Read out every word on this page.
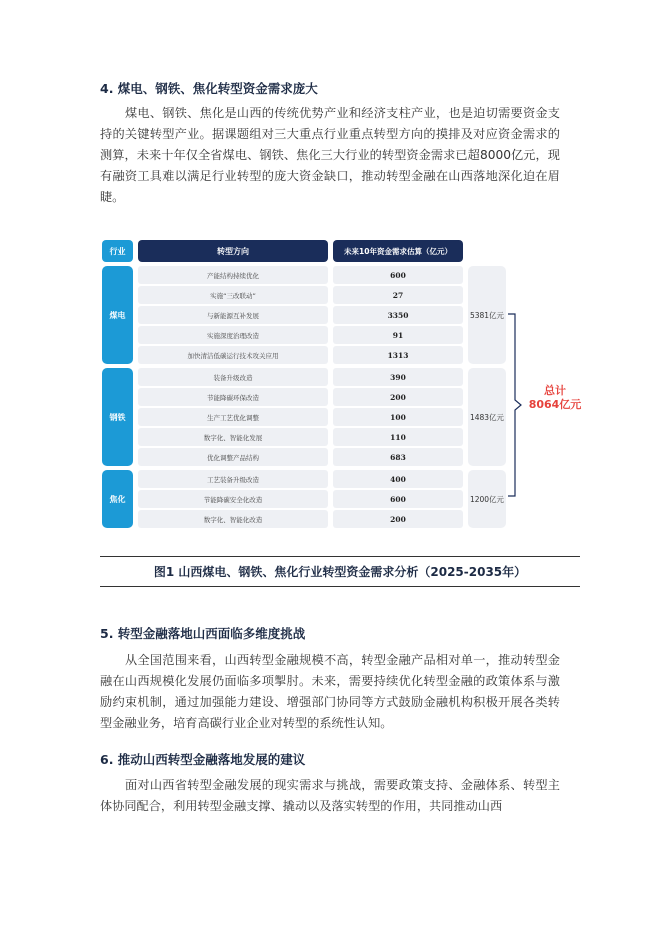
4. 煤电、钢铁、焦化转型资金需求庞大

煤电、钢铁、焦化是山西的传统优势产业和经济支柱产业，也是迫切需要资金支持的关键转型产业。据课题组对三大重点行业重点转型方向的摸排及对应资金需求的测算，未来十年仅全省煤电、钢铁、焦化三大行业的转型资金需求已超8000亿元，现有融资工具难以满足行业转型的庞大资金缺口，推动转型金融在山西落地深化迫在眉睫。

行业	转型方向	未来10年资金需求估算（亿元）
煤电
产能结构持续优化	600
实施“三改联动”	27
与新能源互补发展	3350
实施深度治理改造	91
加快清洁低碳运行技术攻关应用	1313
5381亿元
钢铁
装备升级改造	390
节能降碳环保改造	200
生产工艺优化调整	100
数字化、智能化发展	110
优化调整产品结构	683
1483亿元
焦化
工艺装备升级改造	400
节能降碳安全化改造	600
数字化、智能化改造	200
1200亿元
总计
8064亿元
图1 山西煤电、钢铁、焦化行业转型资金需求分析（2025-2035年）
5. 转型金融落地山西面临多维度挑战

从全国范围来看，山西转型金融规模不高，转型金融产品相对单一，推动转型金融在山西规模化发展仍面临多项掣肘。未来，需要持续优化转型金融的政策体系与激励约束机制，通过加强能力建设、增强部门协同等方式鼓励金融机构积极开展各类转型金融业务，培育高碳行业企业对转型的系统性认知。

6. 推动山西转型金融落地发展的建议

面对山西省转型金融发展的现实需求与挑战，需要政策支持、金融体系、转型主体协同配合，利用转型金融支撑、撬动以及落实转型的作用，共同推动山西
